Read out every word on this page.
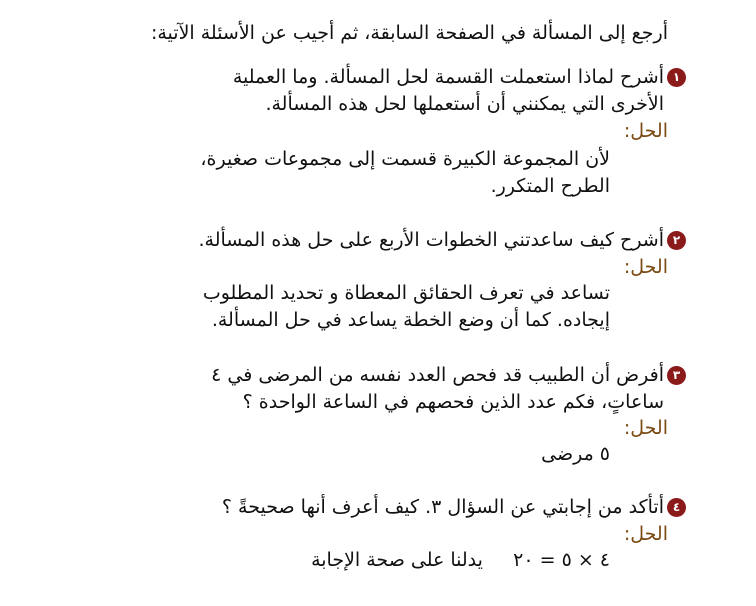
أرجع إلى المسألة في الصفحة السابقة، ثم أجيب عن الأسئلة الآتية:
١
أشرح لماذا استعملت القسمة لحل المسألة. وما العملية
الأخرى التي يمكنني أن أستعملها لحل هذه المسألة.
الحل:
لأن المجموعة الكبيرة قسمت إلى مجموعات صغيرة،
الطرح المتكرر.
٢
أشرح كيف ساعدتني الخطوات الأربع على حل هذه المسألة.
الحل:
تساعد في تعرف الحقائق المعطاة و تحديد المطلوب
إيجاده. كما أن وضع الخطة يساعد في حل المسألة.
٣
أفرض أن الطبيب قد فحص العدد نفسه من المرضى في ٤
ساعاتٍ، فكم عدد الذين فحصهم في الساعة الواحدة ؟
الحل:
٥ مرضى
٤
أتأكد من إجابتي عن السؤال ٣. كيف أعرف أنها صحيحةً ؟
الحل:
٤ × ٥ = ٢٠     يدلنا على صحة الإجابة
